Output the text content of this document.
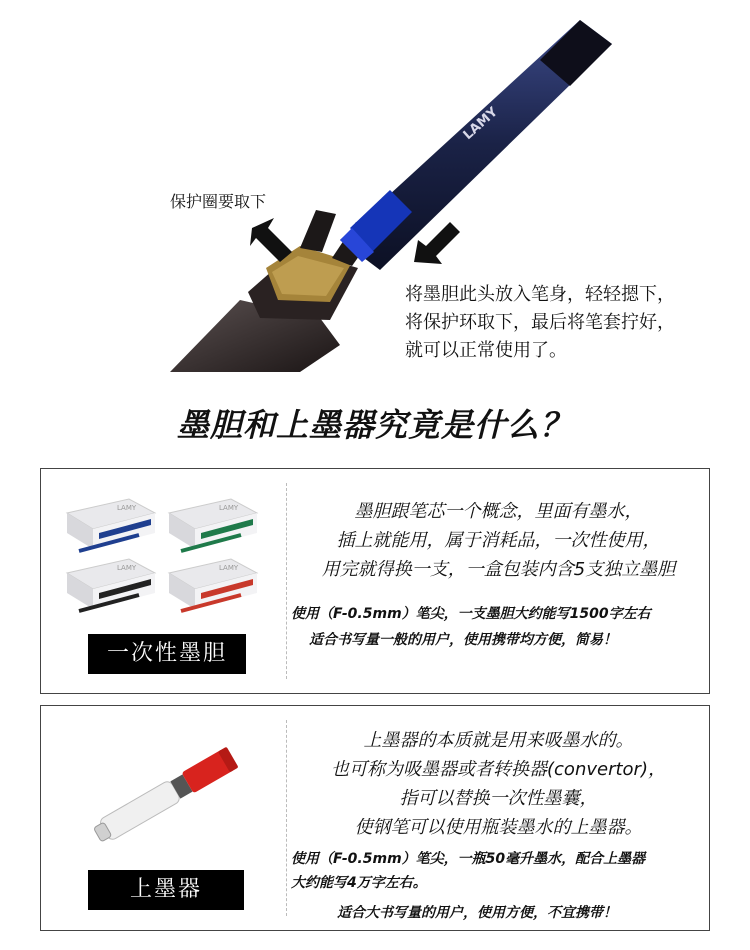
LAMY
保护圈要取下
将墨胆此头放入笔身，轻轻摁下，
将保护环取下，最后将笔套拧好，
就可以正常使用了。
墨胆和上墨器究竟是什么？
LAMY	LAMY
LAMY	LAMY
一次性墨胆
墨胆跟笔芯一个概念，里面有墨水，
插上就能用，属于消耗品，一次性使用，
用完就得换一支，一盒包装内含5支独立墨胆
使用（F-0.5mm）笔尖，一支墨胆大约能写1500字左右
适合书写量一般的用户，使用携带均方便，简易！
上墨器
上墨器的本质就是用来吸墨水的。
也可称为吸墨器或者转换器(convertor)，
指可以替换一次性墨囊，
使钢笔可以使用瓶装墨水的上墨器。
使用（F-0.5mm）笔尖，一瓶50毫升墨水，配合上墨器
大约能写4万字左右。
适合大书写量的用户，使用方便，不宜携带！
